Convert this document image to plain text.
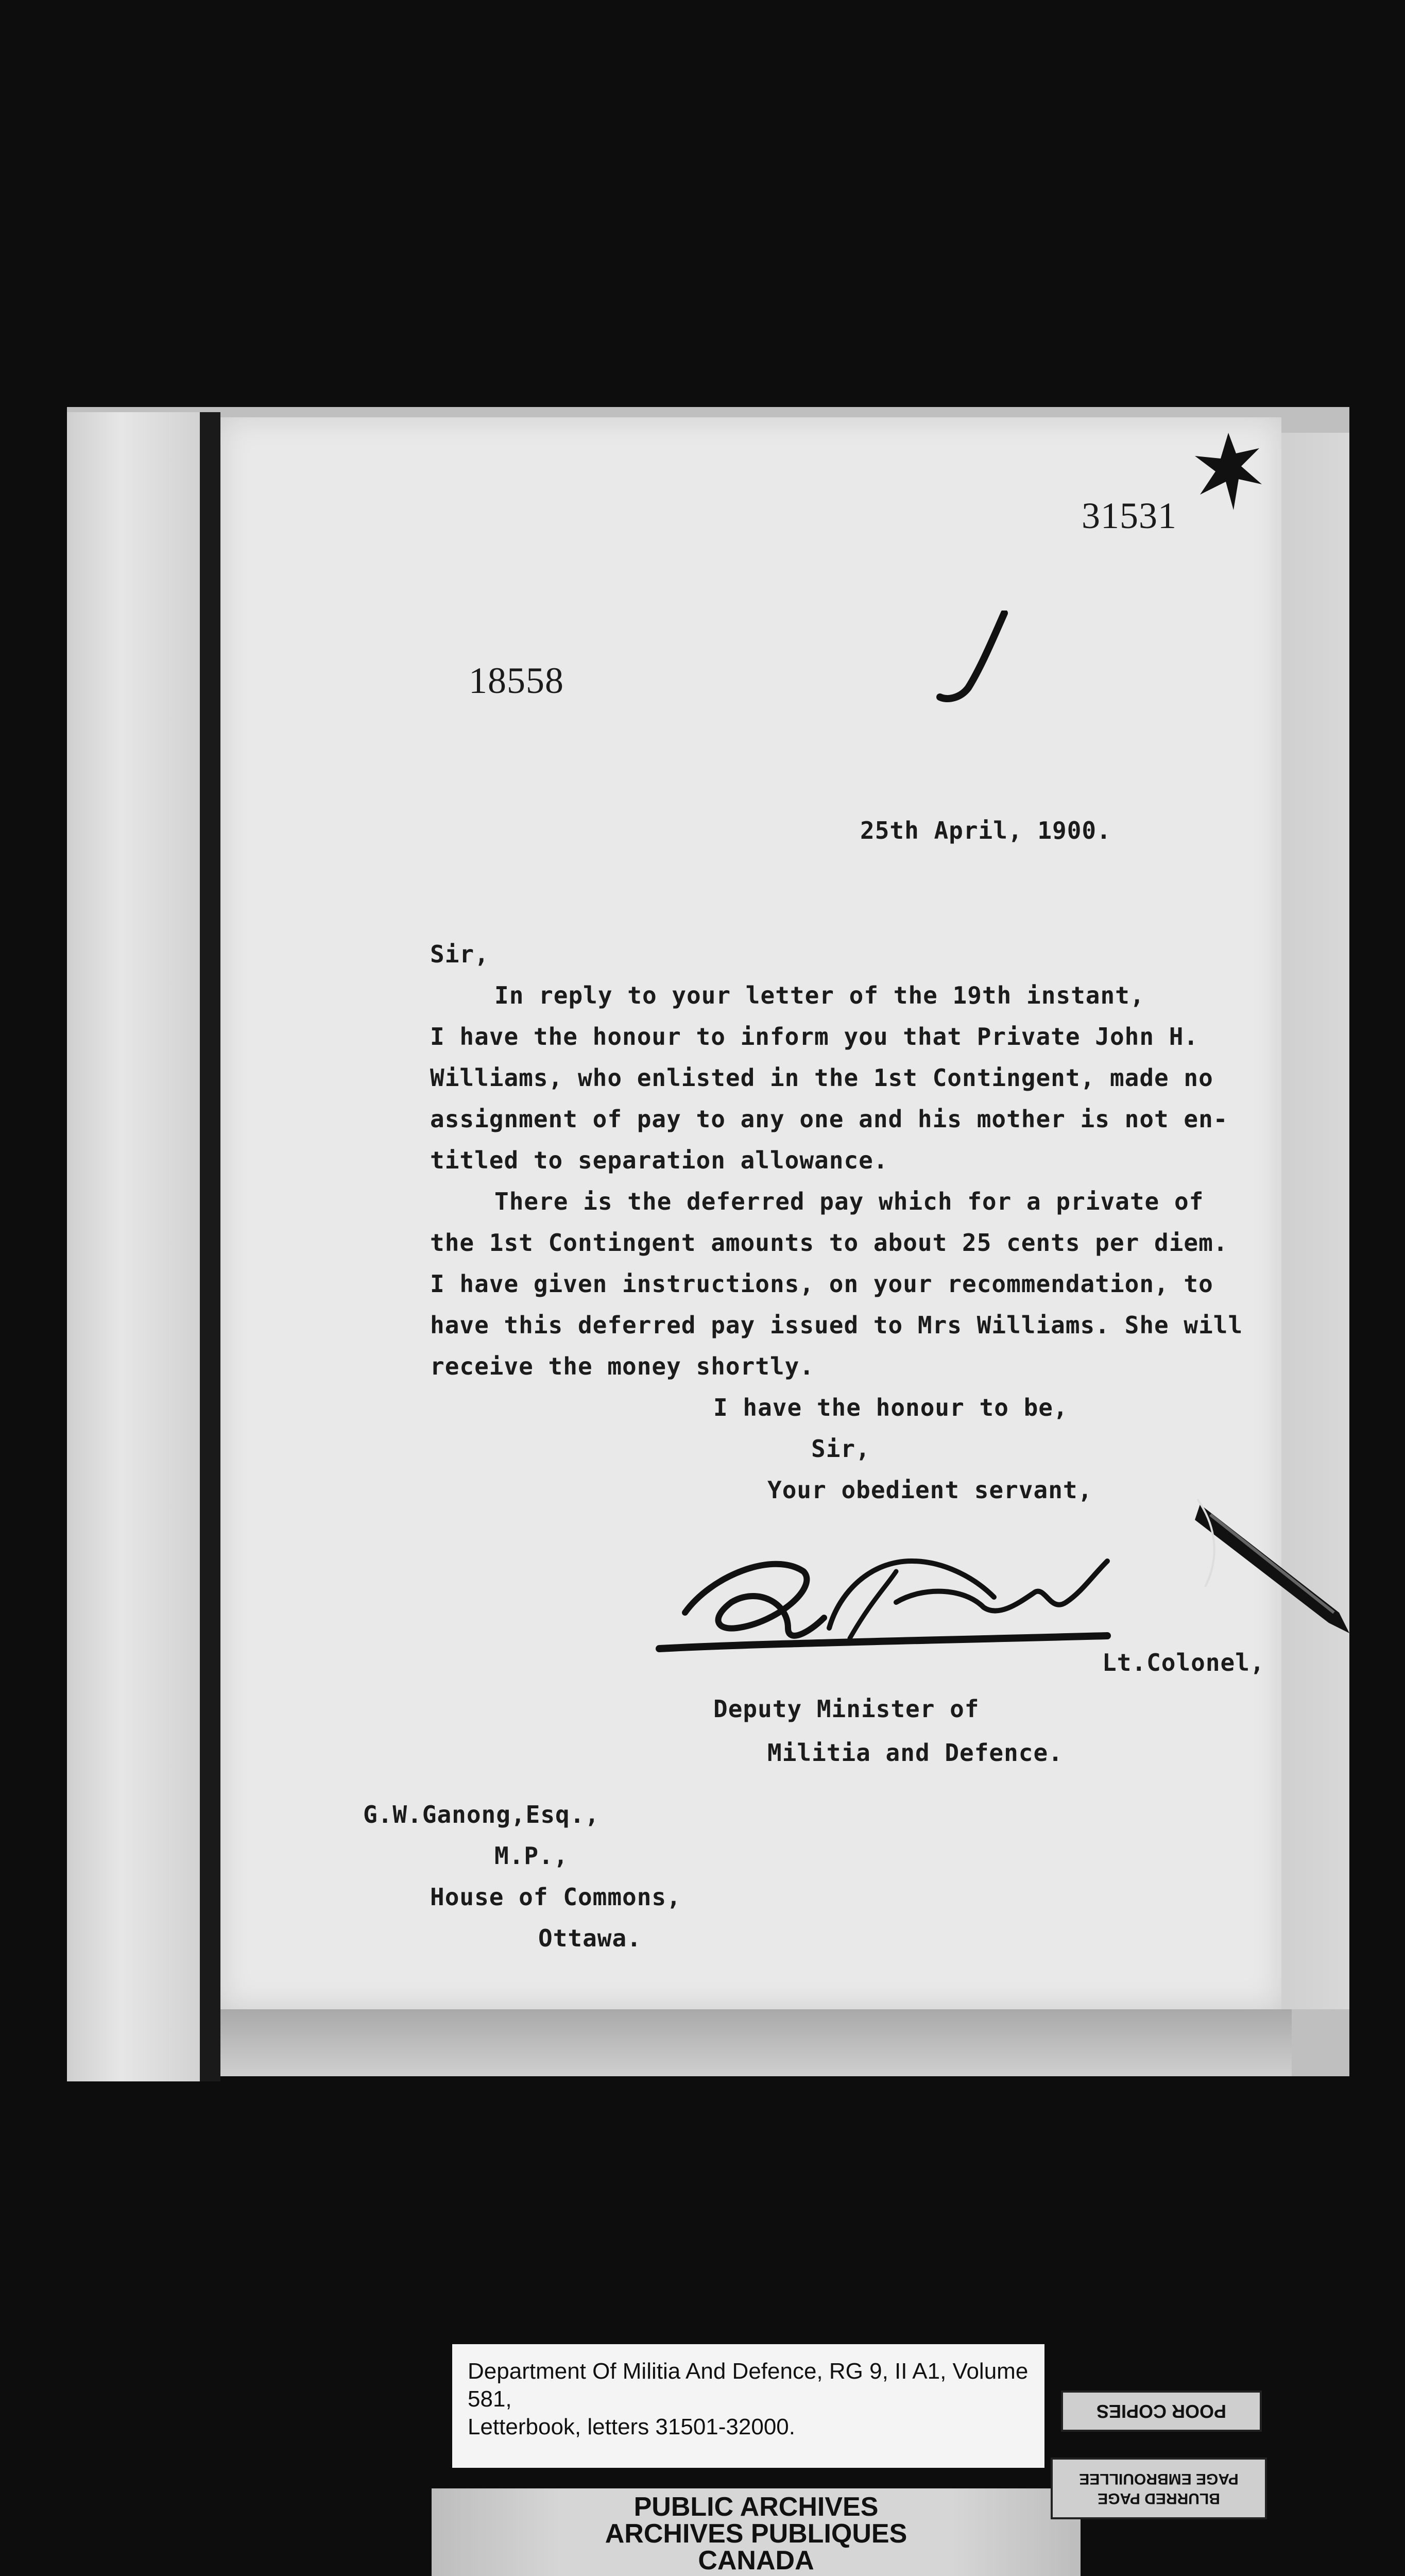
31531
18558
25th April, 1900.
Sir,
In reply to your letter of the 19th instant,
I have the honour to inform you that Private John H.
Williams, who enlisted in the 1st Contingent, made no
assignment of pay to any one and his mother is not en-
titled to separation allowance.
There is the deferred pay which for a private of
the 1st Contingent amounts to about 25 cents per diem.
I have given instructions, on your recommendation, to
have this deferred pay issued to Mrs Williams. She will
receive the money shortly.
I have the honour to be,
Sir,
Your obedient servant,
Lt.Colonel,
Deputy Minister of
Militia and Defence.
G.W.Ganong,Esq.,
M.P.,
House of Commons,
Ottawa.
Department Of Militia And Defence, RG 9, II A1, Volume 581,
Letterbook, letters 31501-32000.
PUBLIC ARCHIVES
ARCHIVES PUBLIQUES
CANADA
POOR COPIES
BLURRED PAGE
PAGE EMBROUILLEE
